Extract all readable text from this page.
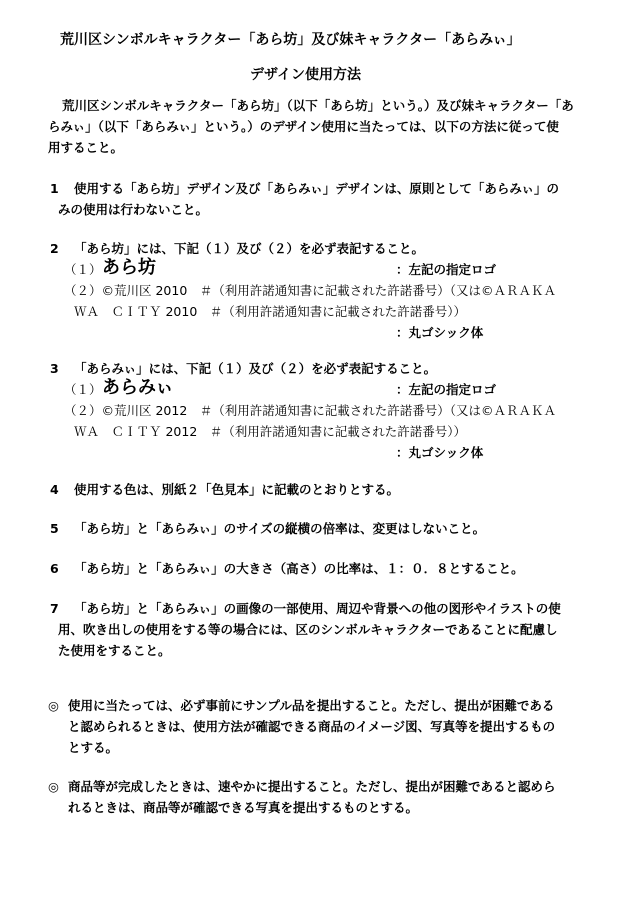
荒川区シンボルキャラクター「あら坊」及び妹キャラクター「あらみぃ」
デザイン使用方法
荒川区シンボルキャラクター「あら坊」（以下「あら坊」という。）及び妹キャラクター「あ
らみぃ」（以下「あらみぃ」という。）のデザイン使用に当たっては、以下の方法に従って使
用すること。
1 使用する「あら坊」デザイン及び「あらみぃ」デザインは、原則として「あらみぃ」の
みの使用は行わないこと。
2 「あら坊」には、下記（１）及び（２）を必ず表記すること。
（１） あら坊	：左記の指定ロゴ
（２）©荒川区 2010　＃（利用許諾通知書に記載された許諾番号）（又は©ＡＲＡＫＡ
ＷＡ　ＣＩＴＹ 2010　＃（利用許諾通知書に記載された許諾番号））
：丸ゴシック体
3 「あらみぃ」には、下記（１）及び（２）を必ず表記すること。
（１） あらみぃ	：左記の指定ロゴ
（２）©荒川区 2012　＃（利用許諾通知書に記載された許諾番号）（又は©ＡＲＡＫＡ
ＷＡ　ＣＩＴＹ 2012　＃（利用許諾通知書に記載された許諾番号））
：丸ゴシック体
4 使用する色は、別紙２「色見本」に記載のとおりとする。
5 「あら坊」と「あらみぃ」のサイズの縦横の倍率は、変更はしないこと。
6 「あら坊」と「あらみぃ」の大きさ（高さ）の比率は、１：０．８とすること。
7 「あら坊」と「あらみぃ」の画像の一部使用、周辺や背景への他の図形やイラストの使
用、吹き出しの使用をする等の場合には、区のシンボルキャラクターであることに配慮し
た使用をすること。
◎ 使用に当たっては、必ず事前にサンプル品を提出すること。ただし、提出が困難である
と認められるときは、使用方法が確認できる商品のイメージ図、写真等を提出するもの
とする。
◎ 商品等が完成したときは、速やかに提出すること。ただし、提出が困難であると認めら
れるときは、商品等が確認できる写真を提出するものとする。
